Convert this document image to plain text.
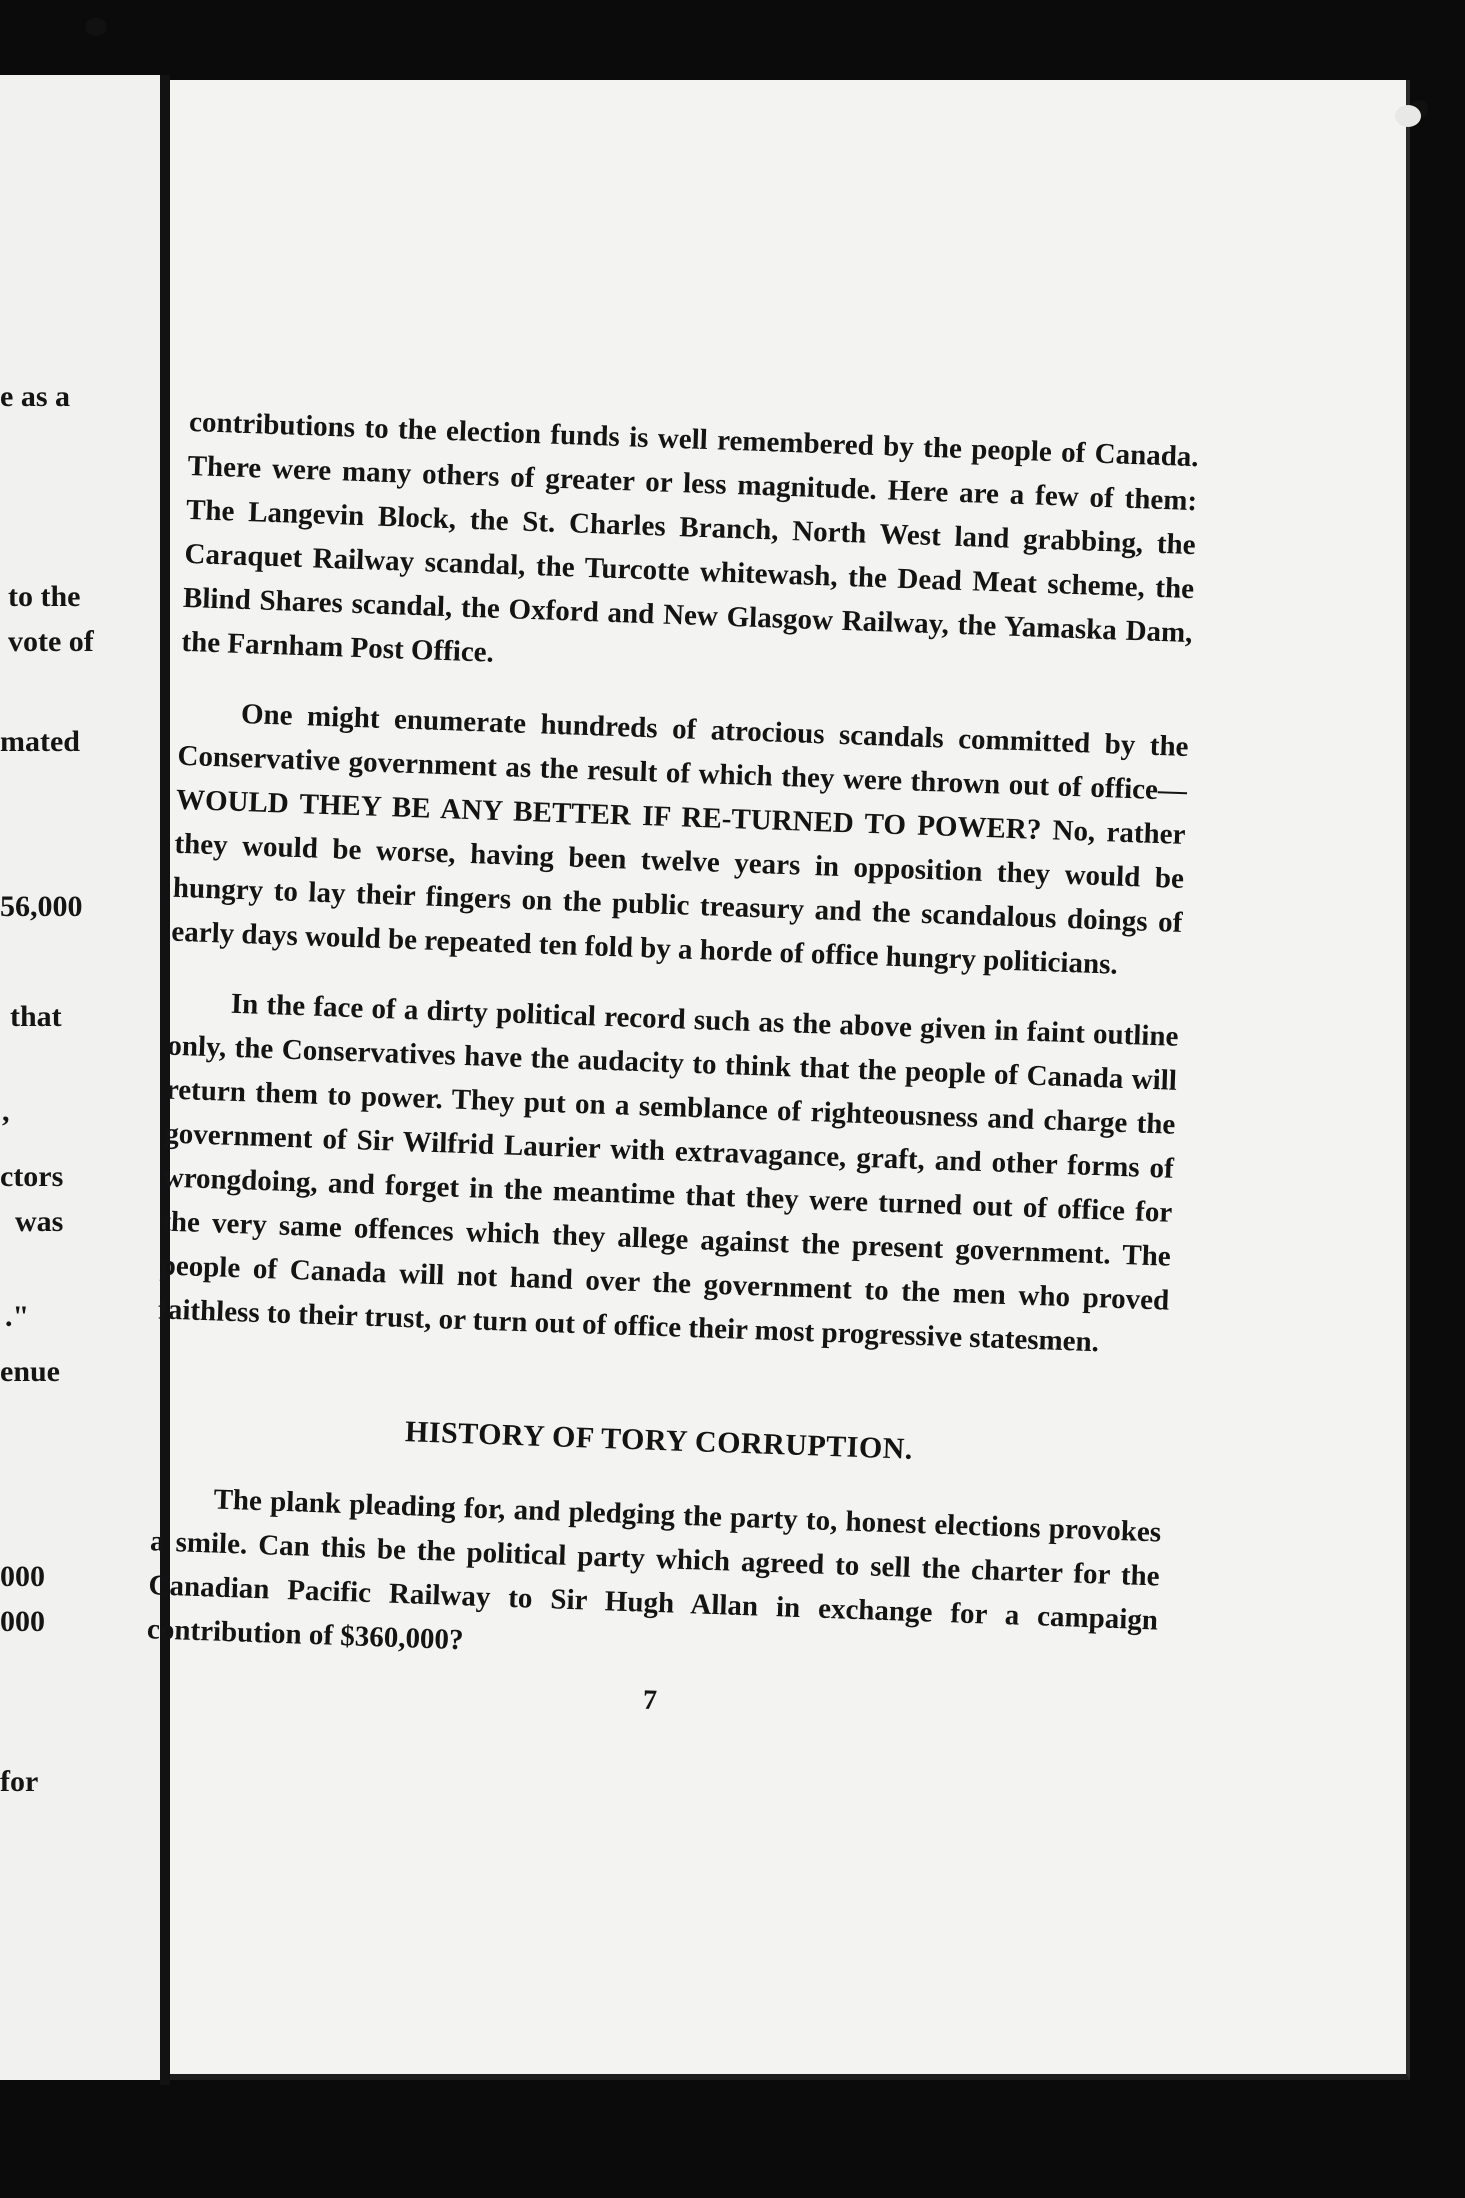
e as a
to the
vote of
mated
56,000
that
,
ctors
was
."
enue
000
000
for

contributions to the election funds is well remembered by the people of Canada. There were many others of greater or less magnitude. Here are a few of them: The Langevin Block, the St. Charles Branch, North West land grabbing, the Caraquet Railway scandal, the Turcotte whitewash, the Dead Meat scheme, the Blind Shares scandal, the Oxford and New Glasgow Railway, the Yamaska Dam, the Farnham Post Office.

One might enumerate hundreds of atrocious scandals committed by the Conservative government as the result of which they were thrown out of office—WOULD THEY BE ANY BETTER IF RE-TURNED TO POWER? No, rather they would be worse, having been twelve years in opposition they would be hungry to lay their fingers on the public treasury and the scandalous doings of early days would be repeated ten fold by a horde of office hungry politicians.

In the face of a dirty political record such as the above given in faint outline only, the Conservatives have the audacity to think that the people of Canada will return them to power. They put on a semblance of righteousness and charge the government of Sir Wilfrid Laurier with extravagance, graft, and other forms of wrongdoing, and forget in the meantime that they were turned out of office for the very same offences which they allege against the present government. The people of Canada will not hand over the government to the men who proved faithless to their trust, or turn out of office their most progressive statesmen.

HISTORY OF TORY CORRUPTION.

The plank pleading for, and pledging the party to, honest elections provokes a smile. Can this be the political party which agreed to sell the charter for the Canadian Pacific Railway to Sir Hugh Allan in exchange for a campaign contribution of $360,000?

7
